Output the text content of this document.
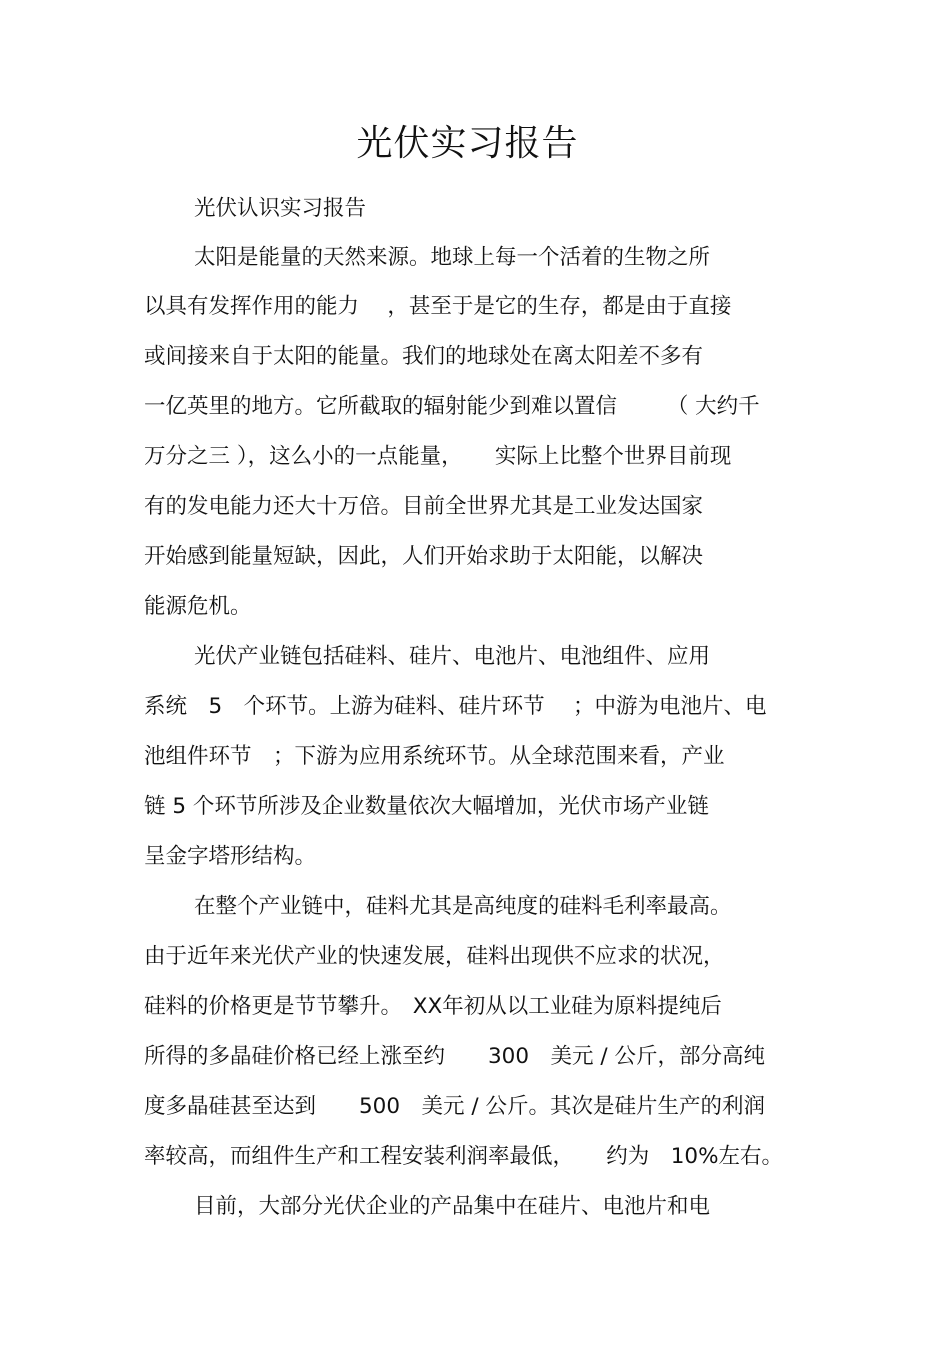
光伏实习报告
光伏认识实习报告
太阳是能量的天然来源。地球上每一个活着的生物之所
以具有发挥作用的能力　 ，甚至于是它的生存，都是由于直接
或间接来自于太阳的能量。我们的地球处在离太阳差不多有
一亿英里的地方。它所截取的辐射能少到难以置信　　 （ 大约千
万分之三 ），这么小的一点能量，　　实际上比整个世界目前现
有的发电能力还大十万倍。目前全世界尤其是工业发达国家
开始感到能量短缺，因此，人们开始求助于太阳能，以解决
能源危机。
光伏产业链包括硅料、硅片、电池片、电池组件、应用
系统　5　个环节。上游为硅料、硅片环节　 ；中游为电池片、电
池组件环节　；下游为应用系统环节。从全球范围来看，产业
链 5 个环节所涉及企业数量依次大幅增加，光伏市场产业链
呈金字塔形结构。
在整个产业链中，硅料尤其是高纯度的硅料毛利率最高。
由于近年来光伏产业的快速发展，硅料出现供不应求的状况，
硅料的价格更是节节攀升。　XX年初从以工业硅为原料提纯后
所得的多晶硅价格已经上涨至约　　300　美元 / 公斤，部分高纯
度多晶硅甚至达到　　500　美元 / 公斤。其次是硅片生产的利润
率较高，而组件生产和工程安装利润率最低，　　约为　10%左右。
目前，大部分光伏企业的产品集中在硅片、电池片和电
